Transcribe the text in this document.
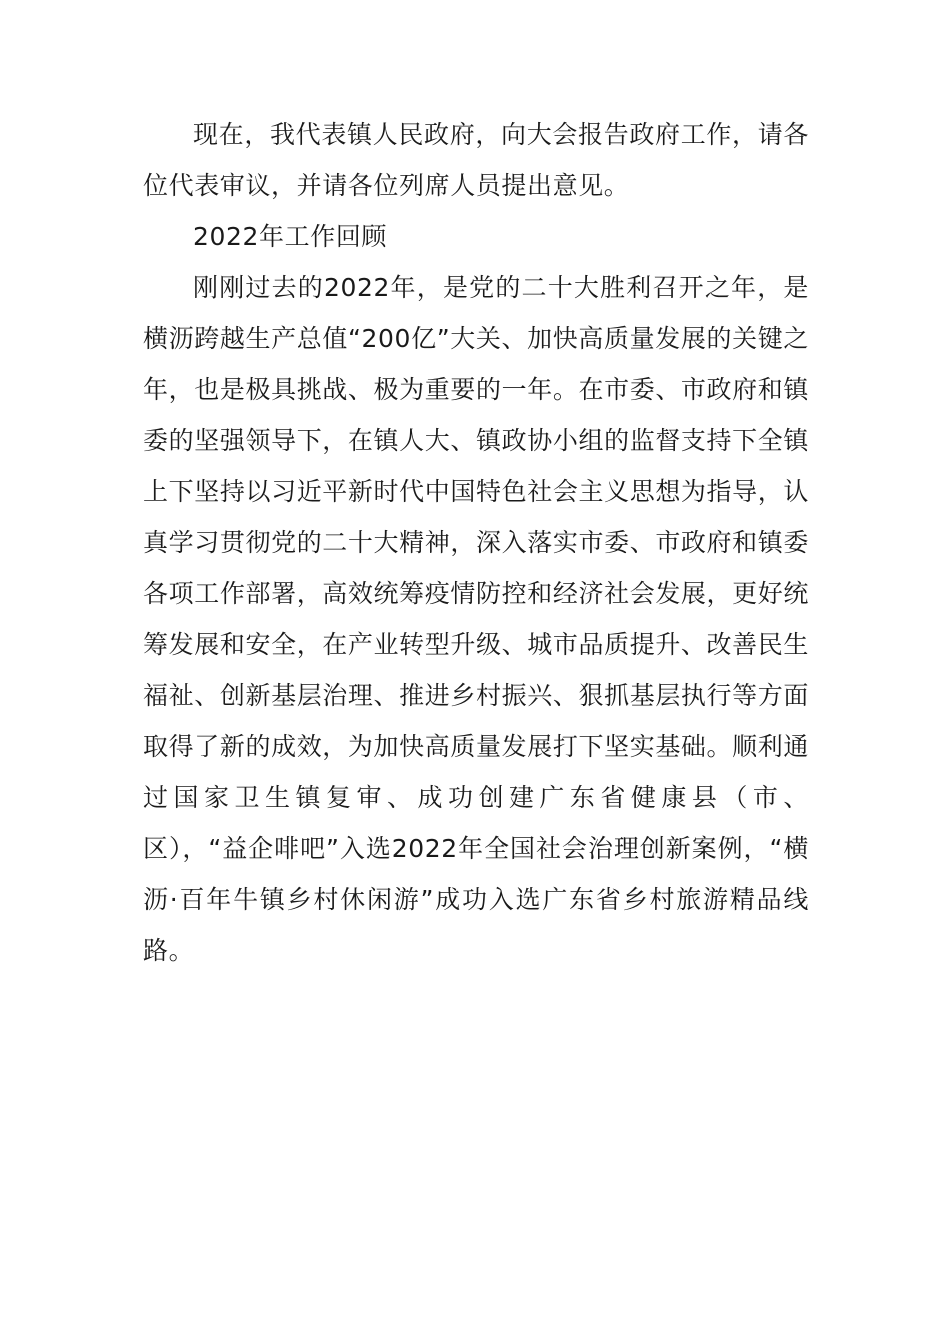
现在，我代表镇人民政府，向大会报告政府工作，请各位代表审议，并请各位列席人员提出意见。

2022年工作回顾

刚刚过去的2022年，是党的二十大胜利召开之年，是横沥跨越生产总值“200亿”大关、加快高质量发展的关键之年，也是极具挑战、极为重要的一年。在市委、市政府和镇委的坚强领导下，在镇人大、镇政协小组的监督支持下全镇上下坚持以习近平新时代中国特色社会主义思想为指导，认真学习贯彻党的二十大精神，深入落实市委、市政府和镇委各项工作部署，高效统筹疫情防控和经济社会发展，更好统筹发展和安全，在产业转型升级、城市品质提升、改善民生福祉、创新基层治理、推进乡村振兴、狠抓基层执行等方面取得了新的成效，为加快高质量发展打下坚实基础。顺利通过国家卫生镇复审、成功创建广东省健康县（市、区），“益企啡吧”入选2022年全国社会治理创新案例，“横沥·百年牛镇乡村休闲游”成功入选广东省乡村旅游精品线路。
